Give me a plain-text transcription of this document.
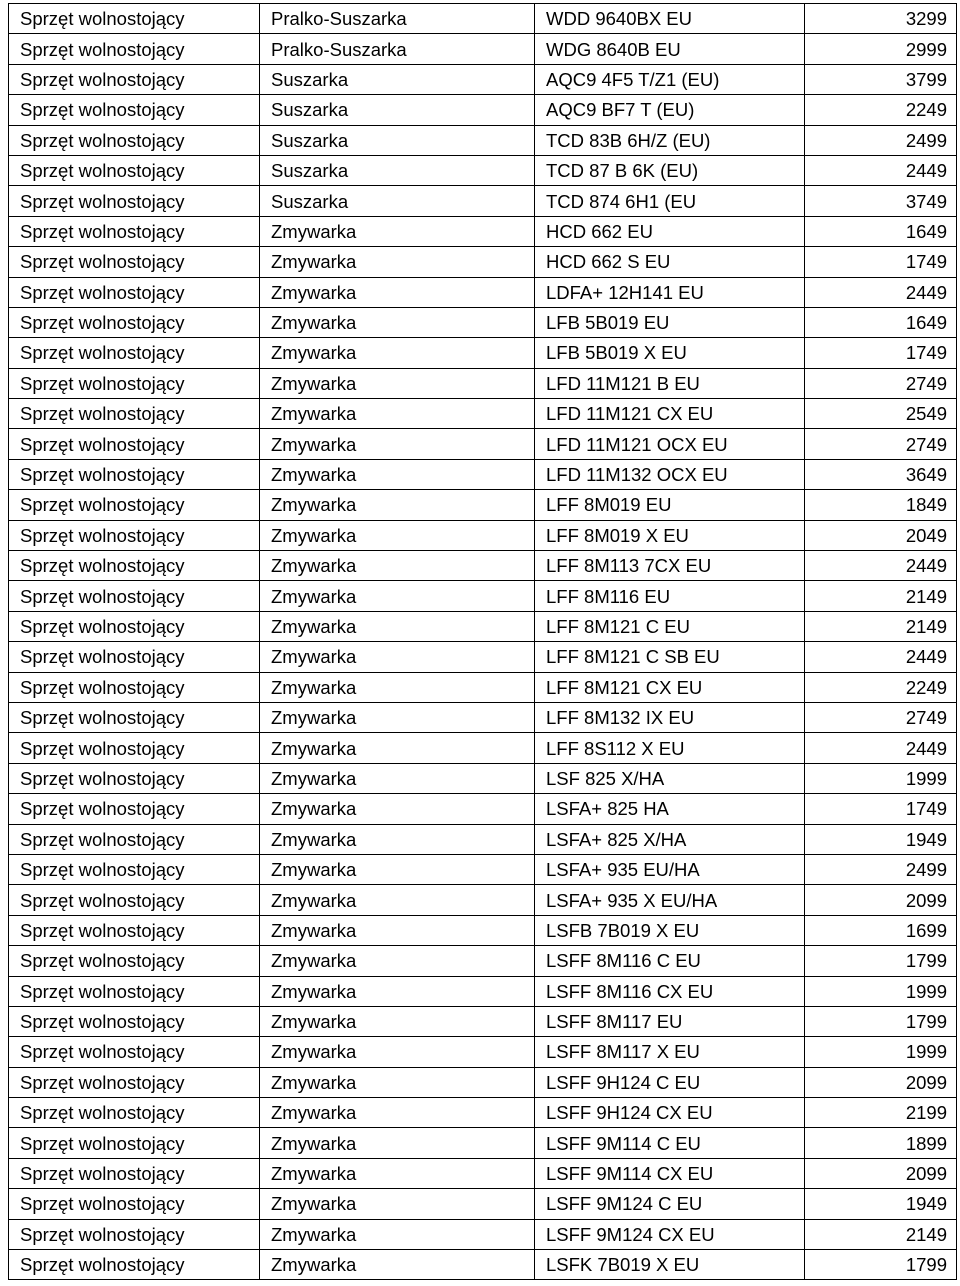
Sprzęt wolnostojący	Pralko-Suszarka	WDD 9640BX EU	3299
Sprzęt wolnostojący	Pralko-Suszarka	WDG 8640B EU	2999
Sprzęt wolnostojący	Suszarka	AQC9 4F5 T/Z1 (EU)	3799
Sprzęt wolnostojący	Suszarka	AQC9 BF7 T (EU)	2249
Sprzęt wolnostojący	Suszarka	TCD 83B 6H/Z (EU)	2499
Sprzęt wolnostojący	Suszarka	TCD 87 B 6K (EU)	2449
Sprzęt wolnostojący	Suszarka	TCD 874 6H1 (EU	3749
Sprzęt wolnostojący	Zmywarka	HCD 662 EU	1649
Sprzęt wolnostojący	Zmywarka	HCD 662 S EU	1749
Sprzęt wolnostojący	Zmywarka	LDFA+ 12H141 EU	2449
Sprzęt wolnostojący	Zmywarka	LFB 5B019 EU	1649
Sprzęt wolnostojący	Zmywarka	LFB 5B019 X EU	1749
Sprzęt wolnostojący	Zmywarka	LFD 11M121 B EU	2749
Sprzęt wolnostojący	Zmywarka	LFD 11M121 CX EU	2549
Sprzęt wolnostojący	Zmywarka	LFD 11M121 OCX EU	2749
Sprzęt wolnostojący	Zmywarka	LFD 11M132 OCX EU	3649
Sprzęt wolnostojący	Zmywarka	LFF 8M019 EU	1849
Sprzęt wolnostojący	Zmywarka	LFF 8M019 X EU	2049
Sprzęt wolnostojący	Zmywarka	LFF 8M113 7CX EU	2449
Sprzęt wolnostojący	Zmywarka	LFF 8M116 EU	2149
Sprzęt wolnostojący	Zmywarka	LFF 8M121 C EU	2149
Sprzęt wolnostojący	Zmywarka	LFF 8M121 C SB EU	2449
Sprzęt wolnostojący	Zmywarka	LFF 8M121 CX EU	2249
Sprzęt wolnostojący	Zmywarka	LFF 8M132 IX EU	2749
Sprzęt wolnostojący	Zmywarka	LFF 8S112 X EU	2449
Sprzęt wolnostojący	Zmywarka	LSF 825 X/HA	1999
Sprzęt wolnostojący	Zmywarka	LSFA+ 825 HA	1749
Sprzęt wolnostojący	Zmywarka	LSFA+ 825 X/HA	1949
Sprzęt wolnostojący	Zmywarka	LSFA+ 935 EU/HA	2499
Sprzęt wolnostojący	Zmywarka	LSFA+ 935 X EU/HA	2099
Sprzęt wolnostojący	Zmywarka	LSFB 7B019 X EU	1699
Sprzęt wolnostojący	Zmywarka	LSFF 8M116 C EU	1799
Sprzęt wolnostojący	Zmywarka	LSFF 8M116 CX EU	1999
Sprzęt wolnostojący	Zmywarka	LSFF 8M117 EU	1799
Sprzęt wolnostojący	Zmywarka	LSFF 8M117 X EU	1999
Sprzęt wolnostojący	Zmywarka	LSFF 9H124 C EU	2099
Sprzęt wolnostojący	Zmywarka	LSFF 9H124 CX EU	2199
Sprzęt wolnostojący	Zmywarka	LSFF 9M114 C EU	1899
Sprzęt wolnostojący	Zmywarka	LSFF 9M114 CX EU	2099
Sprzęt wolnostojący	Zmywarka	LSFF 9M124 C EU	1949
Sprzęt wolnostojący	Zmywarka	LSFF 9M124 CX EU	2149
Sprzęt wolnostojący	Zmywarka	LSFK 7B019 X EU	1799
